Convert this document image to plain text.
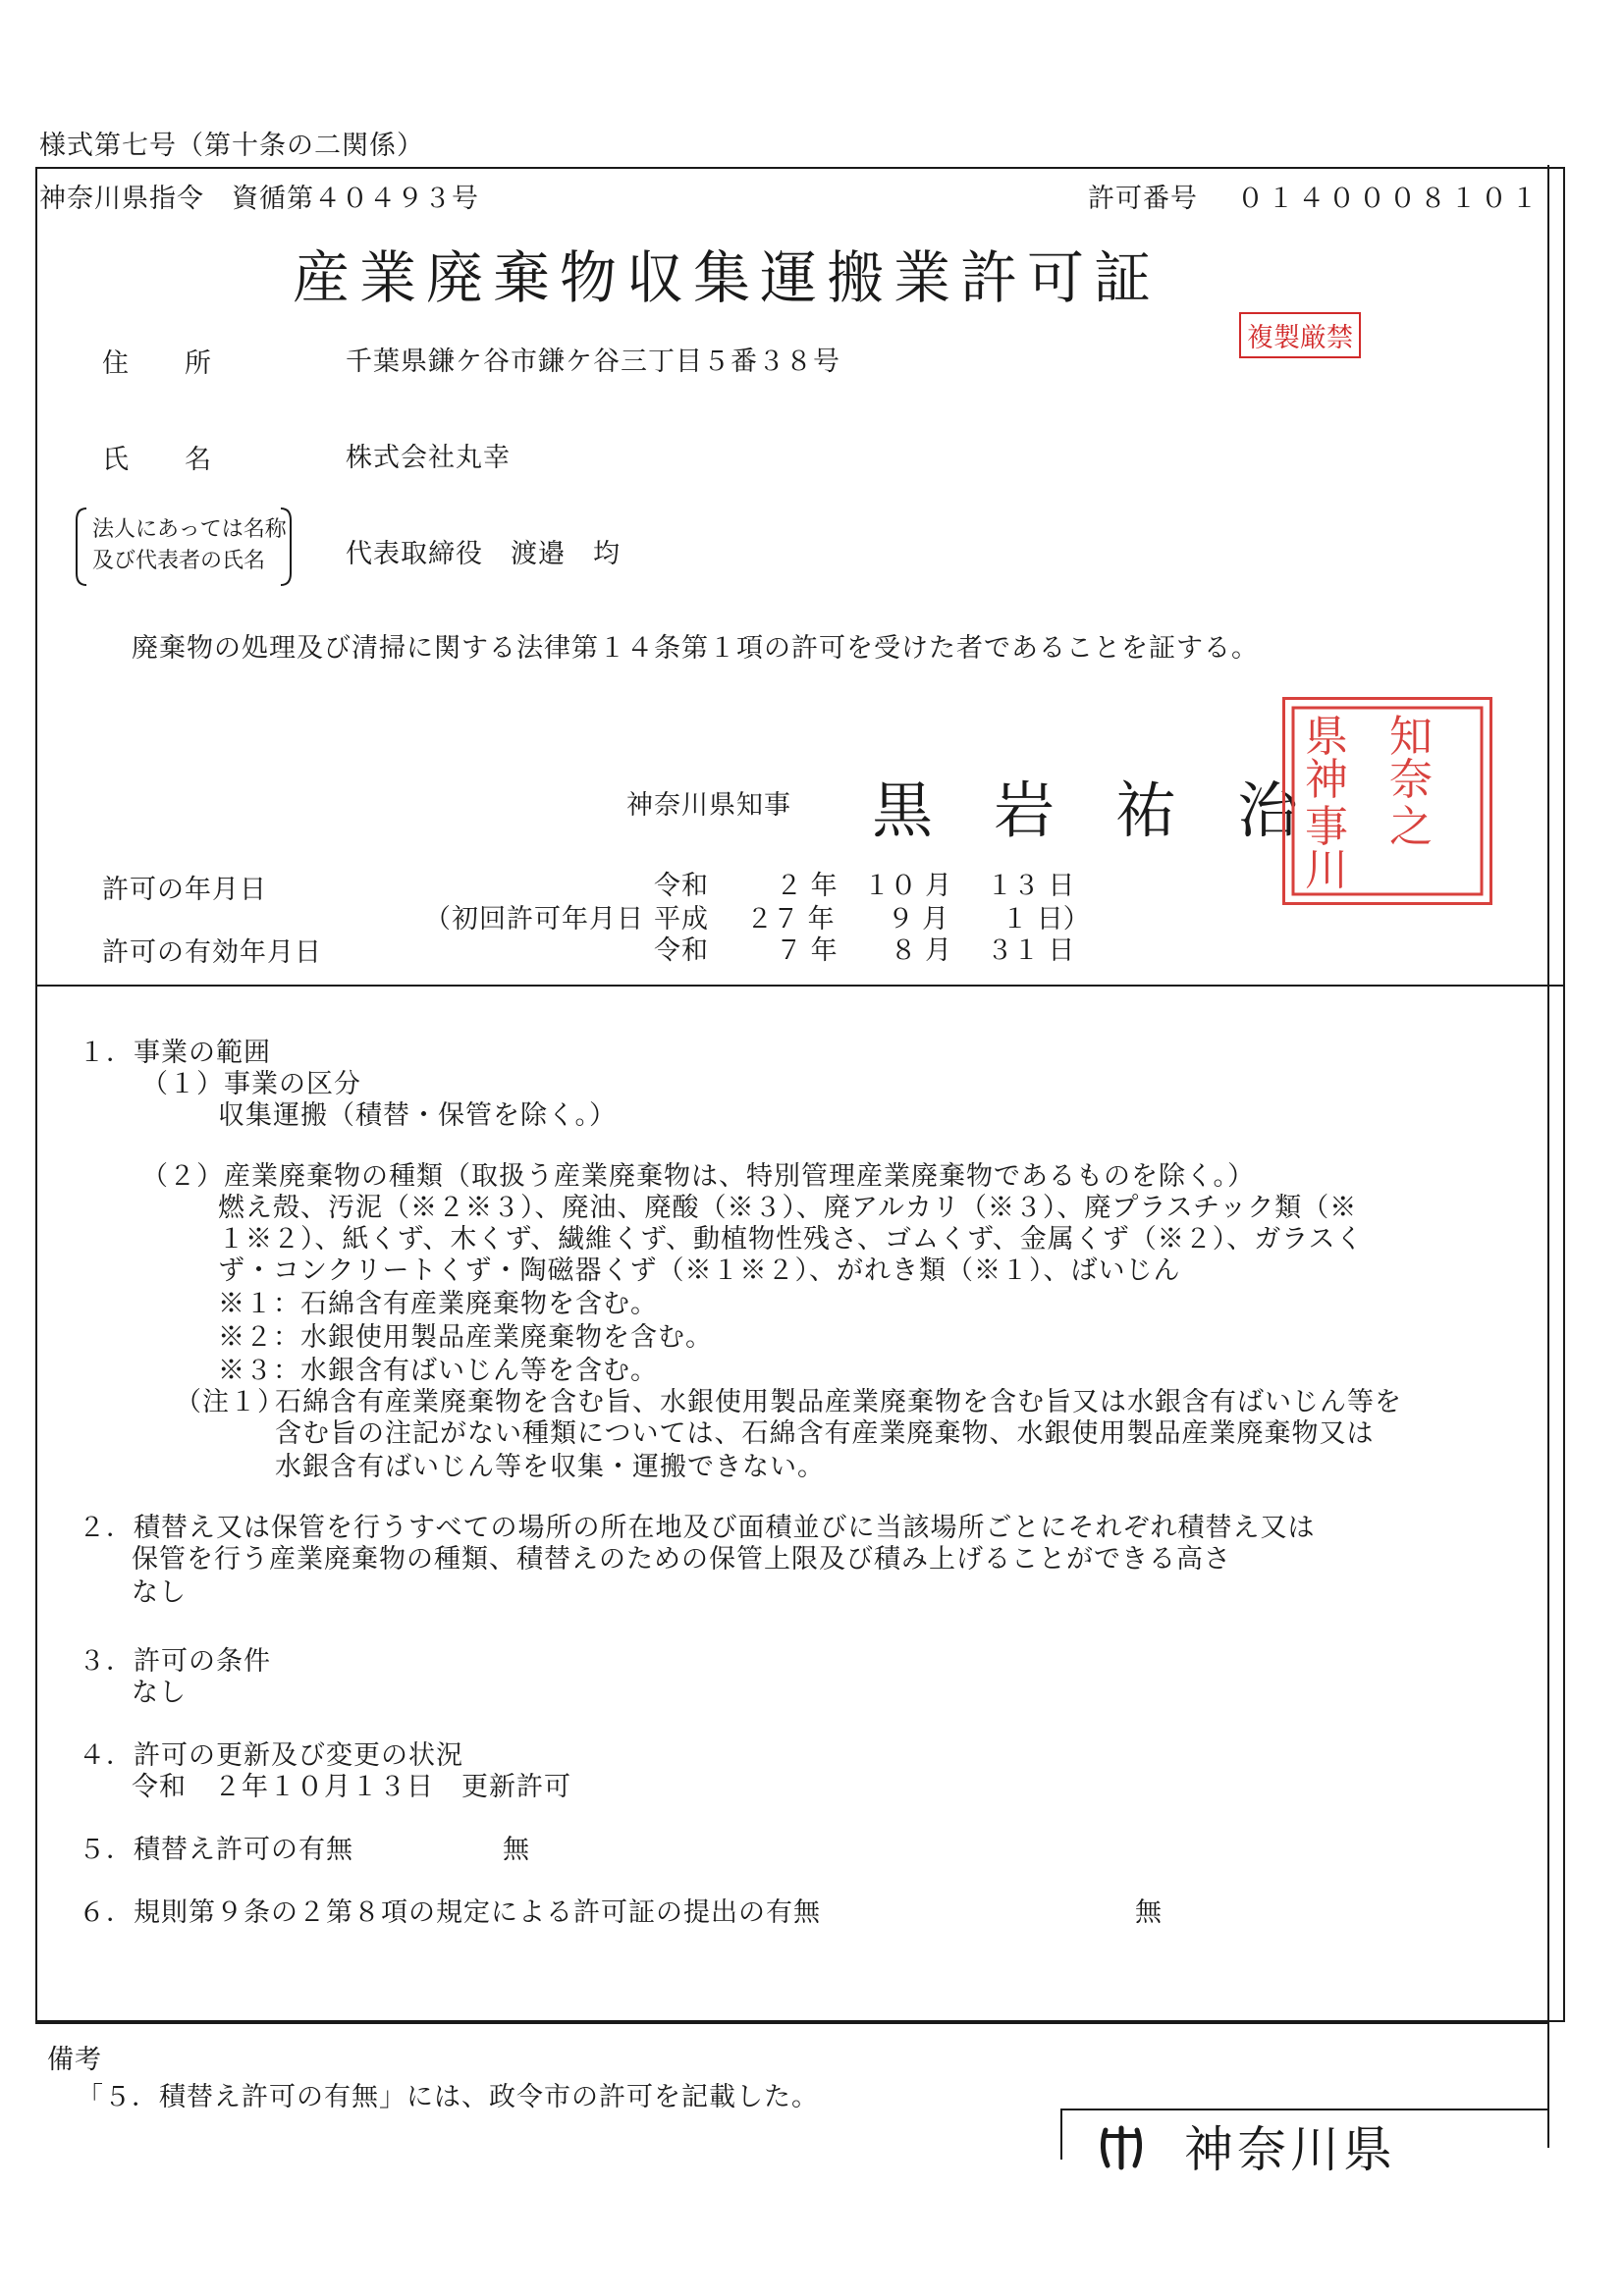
様式第七号（第十条の二関係）
神奈川県指令　資循第４０４９３号	許可番号 ０１４０００８１０１
産業廃棄物収集運搬業許可証
複製厳禁
住　　所	千葉県鎌ケ谷市鎌ケ谷三丁目５番３８号
氏　　名	株式会社丸幸
法人にあっては名称
及び代表者の氏名	代表取締役　渡邉　均
廃棄物の処理及び清掃に関する法律第１４条第１項の許可を受けた者であることを証する。
神奈川県知事 黒　岩　祐　治
県神
知奈
事川
之
許可の年月日	令和	２ 年　１０ 月　 １３ 日
（初回許可年月日 平成 ２７ 年　　９ 月　　１ 日）
許可の有効年月日	令和	７ 年　　８ 月　 ３１ 日
１．事業の範囲
（１）事業の区分
収集運搬（積替・保管を除く。）
（２）産業廃棄物の種類（取扱う産業廃棄物は、特別管理産業廃棄物であるものを除く。）
燃え殻、汚泥（※２※３）、廃油、廃酸（※３）、廃アルカリ（※３）、廃プラスチック類（※
１※２）、紙くず、木くず、繊維くず、動植物性残さ、ゴムくず、金属くず（※２）、ガラスく
ず・コンクリートくず・陶磁器くず（※１※２）、がれき類（※１）、ばいじん
※１：石綿含有産業廃棄物を含む。
※２：水銀使用製品産業廃棄物を含む。
※３：水銀含有ばいじん等を含む。
（注１）
石綿含有産業廃棄物を含む旨、水銀使用製品産業廃棄物を含む旨又は水銀含有ばいじん等を
含む旨の注記がない種類については、石綿含有産業廃棄物、水銀使用製品産業廃棄物又は
水銀含有ばいじん等を収集・運搬できない。
２．積替え又は保管を行うすべての場所の所在地及び面積並びに当該場所ごとにそれぞれ積替え又は
保管を行う産業廃棄物の種類、積替えのための保管上限及び積み上げることができる高さ
なし
３．許可の条件
なし
４．許可の更新及び変更の状況
令和　２年１０月１３日　更新許可
５．積替え許可の有無	無
６．規則第９条の２第８項の規定による許可証の提出の有無	無
備考
「５．積替え許可の有無」には、政令市の許可を記載した。
神奈川県
